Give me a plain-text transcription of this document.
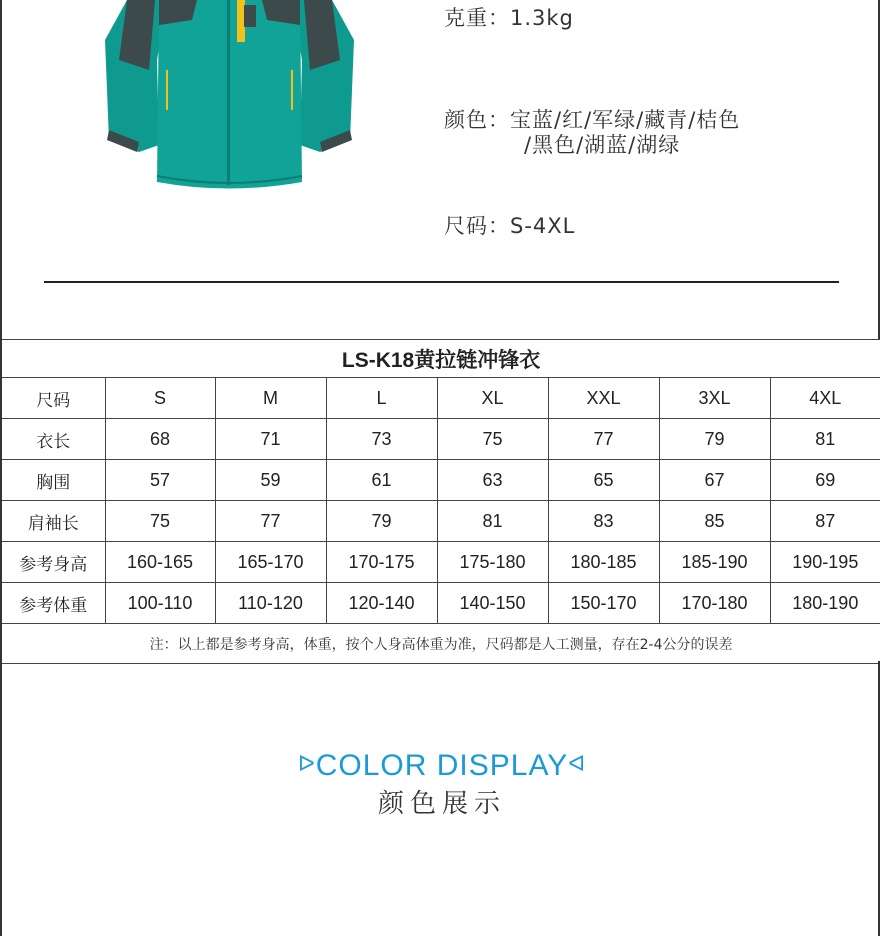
克重：1.3kg
颜色：宝蓝/红/军绿/藏青/桔色
/黑色/湖蓝/湖绿
尺码：S-4XL
LS-K18黄拉链冲锋衣							
尺码	S	M	L	XL	XXL	3XL	4XL
衣长	68	71	73	75	77	79	81
胸围	57	59	61	63	65	67	69
肩袖长	75	77	79	81	83	85	87
参考身高	160-165	165-170	170-175	175-180	180-185	185-190	190-195
参考体重	100-110	110-120	120-140	140-150	150-170	170-180	180-190
注：以上都是参考身高，体重，按个人身高体重为准，尺码都是人工测量，存在2-4公分的误差							
ᐅCOLOR DISPLAYᐊ
颜色展示
